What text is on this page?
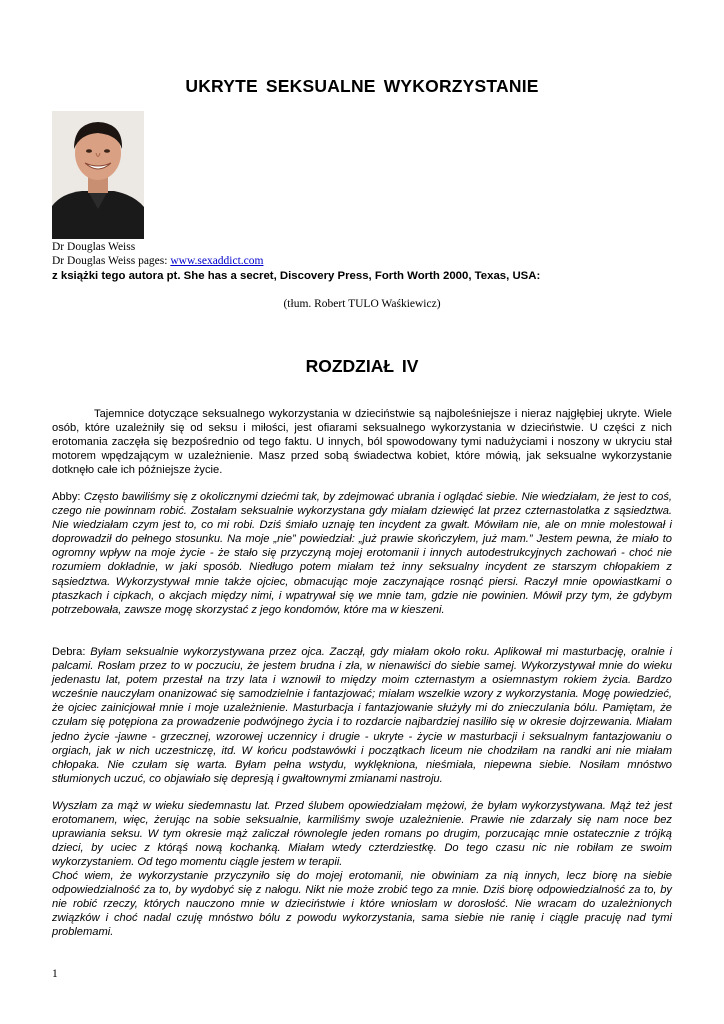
UKRYTE SEKSUALNE WYKORZYSTANIE
Dr Douglas Weiss
Dr Douglas Weiss pages: www.sexaddict.com
z książki tego autora pt. She has a secret, Discovery Press, Forth Worth 2000, Texas, USA:
(tłum. Robert TULO Waśkiewicz)
ROZDZIAŁ IV

Tajemnice dotyczące seksualnego wykorzystania w dzieciństwie są najboleśniejsze i nieraz najgłębiej ukryte. Wiele osób, które uzależniły się od seksu i miłości, jest ofiarami seksualnego wykorzystania w dzieciństwie. U części z nich erotomania zaczęła się bezpośrednio od tego faktu. U innych, ból spowodowany tymi nadużyciami i noszony w ukryciu stał motorem wpędzającym w uzależnienie. Masz przed sobą świadectwa kobiet, które mówią, jak seksualne wykorzystanie dotknęło całe ich późniejsze życie.

Abby: Często bawiliśmy się z okolicznymi dziećmi tak, by zdejmować ubrania i oglądać siebie. Nie wiedziałam, że jest to coś, czego nie powinnam robić. Zostałam seksualnie wykorzystana gdy miałam dziewięć lat przez czternastolatka z sąsiedztwa. Nie wiedziałam czym jest to, co mi robi. Dziś śmiało uznaję ten incydent za gwałt. Mówiłam nie, ale on mnie molestował i doprowadził do pełnego stosunku. Na moje „nie” powiedział: „już prawie skończyłem, już mam.” Jestem pewna, że miało to ogromny wpływ na moje życie - że stało się przyczyną mojej erotomanii i innych autodestrukcyjnych zachowań - choć nie rozumiem dokładnie, w jaki sposób. Niedługo potem miałam też inny seksualny incydent ze starszym chłopakiem z sąsiedztwa. Wykorzystywał mnie także ojciec, obmacując moje zaczynające rosnąć piersi. Raczył mnie opowiastkami o ptaszkach i cipkach, o akcjach między nimi, i wpatrywał się we mnie tam, gdzie nie powinien. Mówił przy tym, że gdybym potrzebowała, zawsze mogę skorzystać z jego kondomów, które ma w kieszeni.

Debra: Byłam seksualnie wykorzystywana przez ojca. Zaczął, gdy miałam około roku. Aplikował mi masturbację, oralnie i palcami. Rosłam przez to w poczuciu, że jestem brudna i zła, w nienawiści do siebie samej. Wykorzystywał mnie do wieku jedenastu lat, potem przestał na trzy lata i wznowił to między moim czternastym a osiemnastym rokiem życia. Bardzo wcześnie nauczyłam onanizować się samodzielnie i fantazjować; miałam wszelkie wzory z wykorzystania. Mogę powiedzieć, że ojciec zainicjował mnie i moje uzależnienie. Masturbacja i fantazjowanie służyły mi do znieczulania bólu. Pamiętam, że czułam się potępiona za prowadzenie podwójnego życia i to rozdarcie najbardziej nasiliło się w okresie dojrzewania. Miałam jedno życie -jawne - grzecznej, wzorowej uczennicy i drugie - ukryte - życie w masturbacji i seksualnym fantazjowaniu o orgiach, jak w nich uczestniczę, itd. W końcu podstawówki i początkach liceum nie chodziłam na randki ani nie miałam chłopaka. Nie czułam się warta. Byłam pełna wstydu, wyklękniona, nieśmiała, niepewna siebie. Nosiłam mnóstwo stłumionych uczuć, co objawiało się depresją i gwałtownymi zmianami nastroju.

Wyszłam za mąż w wieku siedemnastu lat. Przed ślubem opowiedziałam mężowi, że byłam wykorzystywana. Mąż też jest erotomanem, więc, żerując na sobie seksualnie, karmiliśmy swoje uzależnienie. Prawie nie zdarzały się nam noce bez uprawiania seksu. W tym okresie mąż zaliczał równolegle jeden romans po drugim, porzucając mnie ostatecznie z trójką dzieci, by uciec z którąś nową kochanką. Miałam wtedy czterdziestkę. Do tego czasu nic nie robiłam ze swoim wykorzystaniem. Od tego momentu ciągle jestem w terapii.

Choć wiem, że wykorzystanie przyczyniło się do mojej erotomanii, nie obwiniam za nią innych, lecz biorę na siebie odpowiedzialność za to, by wydobyć się z nałogu. Nikt nie może zrobić tego za mnie. Dziś biorę odpowiedzialność za to, by nie robić rzeczy, których nauczono mnie w dzieciństwie i które wniosłam w dorosłość. Nie wracam do uzależnionych związków i choć nadal czuję mnóstwo bólu z powodu wykorzystania, sama siebie nie ranię i ciągle pracuję nad tymi problemami.

1
